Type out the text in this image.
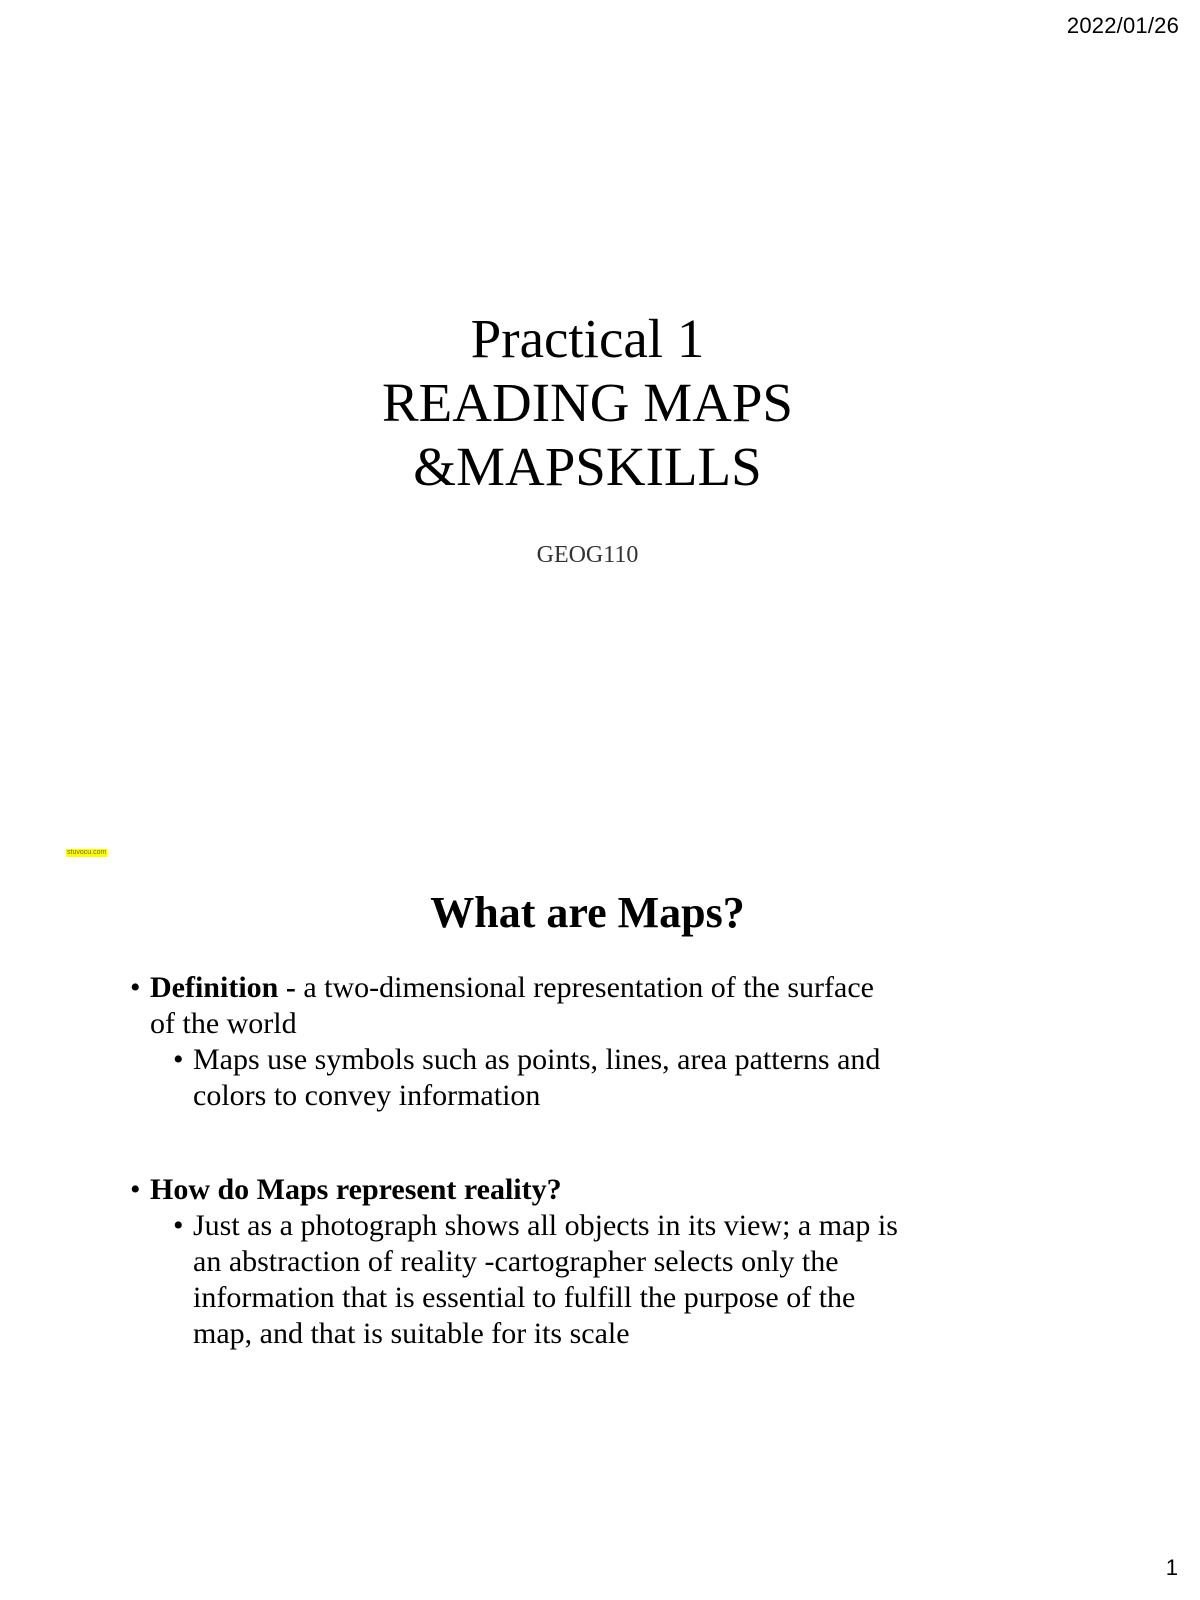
2022/01/26
Practical 1
READING MAPS
&MAPSKILLS
GEOG110
stuvocu.com
What are Maps?
• Definition - a two-dimensional representation of the surface
of the world
• Maps use symbols such as points, lines, area patterns and
colors to convey information
• How do Maps represent reality?
• Just as a photograph shows all objects in its view; a map is
an abstraction of reality -cartographer selects only the
information that is essential to fulfill the purpose of the
map, and that is suitable for its scale
1
